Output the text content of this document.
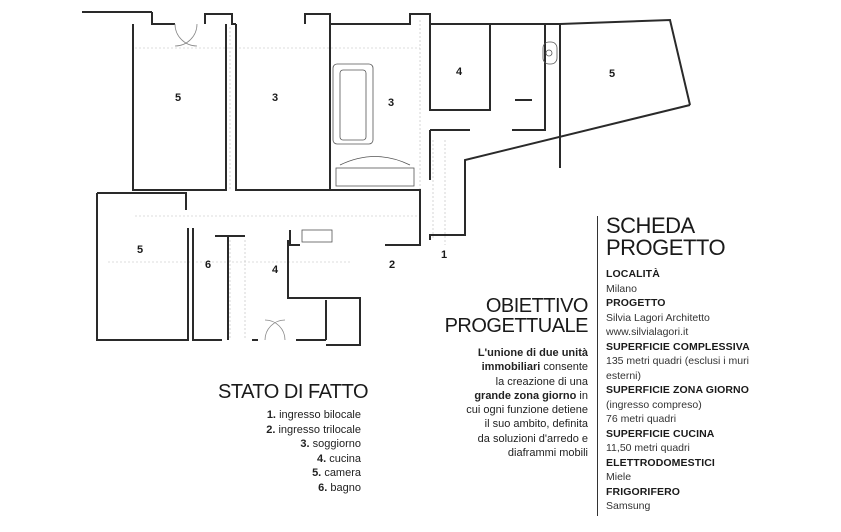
5	3	3
4	5
5
6	4	2
1
STATO DI FATTO
1. ingresso bilocale
2. ingresso trilocale
3. soggiorno
4. cucina
5. camera
6. bagno
OBIETTIVO
PROGETTUALE
L'unione di due unità
immobiliari consente
la creazione di una
grande zona giorno in
cui ogni funzione detiene
il suo ambito, definita
da soluzioni d'arredo e
diaframmi mobili
SCHEDA
PROGETTO
LOCALITÀ
Milano
PROGETTO
Silvia Lagori Architetto
www.silvialagori.it
SUPERFICIE COMPLESSIVA
135 metri quadri (esclusi i muri
esterni)
SUPERFICIE ZONA GIORNO
(ingresso compreso)
76 metri quadri
SUPERFICIE CUCINA
11,50 metri quadri
ELETTRODOMESTICI
Miele
FRIGORIFERO
Samsung
